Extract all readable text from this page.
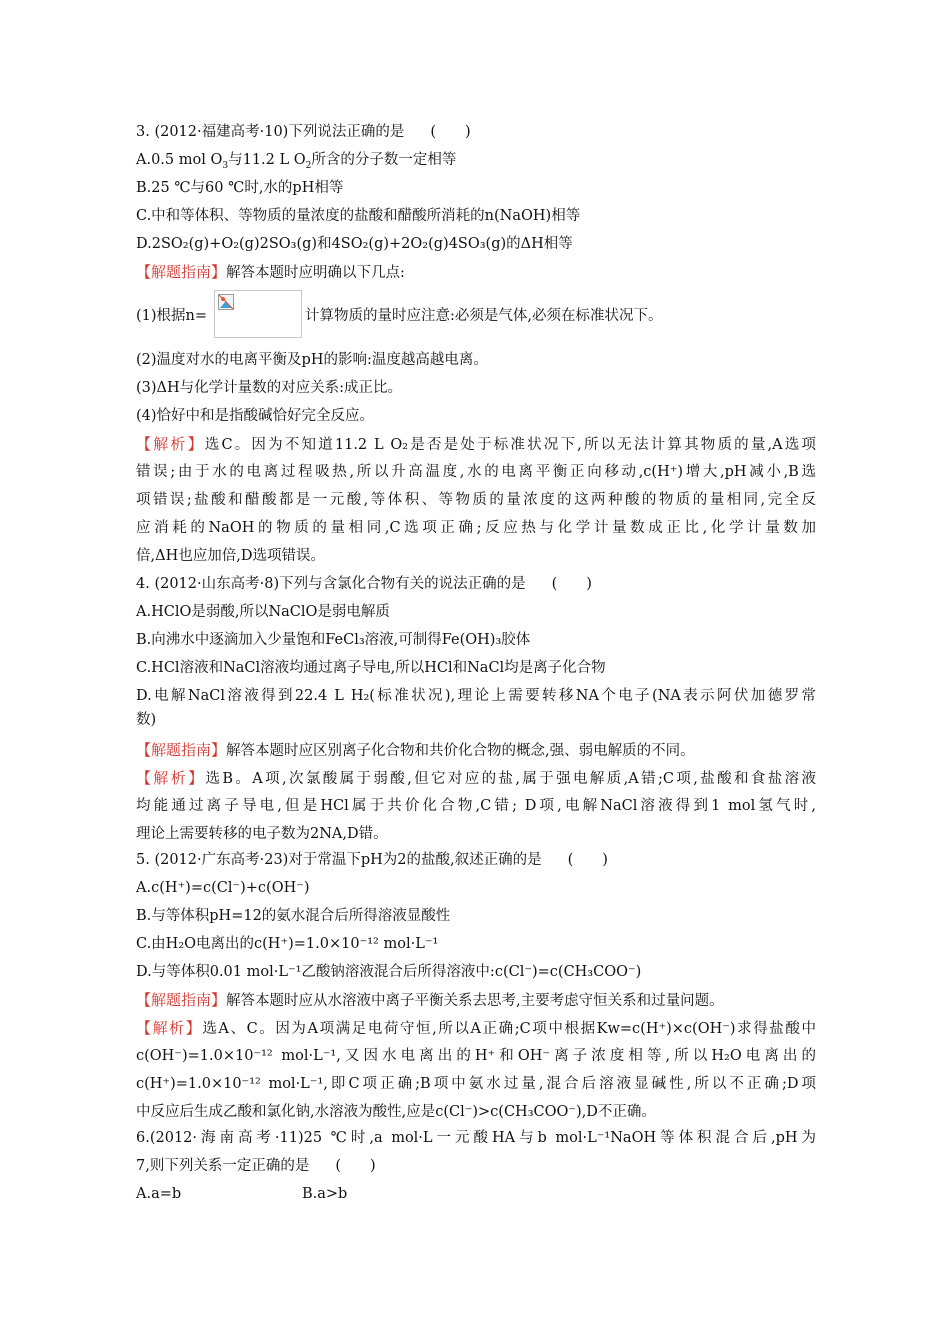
3. (2012·福建高考·10)下列说法正确的是 (　　)
A.0.5 mol $O_3$与11.2 L $O_2$所含的分子数一定相等
B.25 ℃与60 ℃时,水的pH相等
C.中和等体积、等物质的量浓度的盐酸和醋酸所消耗的n(NaOH)相等
D.2SO₂(g)+O₂(g)2SO₃(g)和4SO₂(g)+2O₂(g)4SO₃(g)的ΔH相等
【解题指南】解答本题时应明确以下几点:
(1)根据n=	计算物质的量时应注意:必须是气体,必须在标准状况下。
(2)温度对水的电离平衡及pH的影响:温度越高越电离。
(3)ΔH与化学计量数的对应关系:成正比。
(4)恰好中和是指酸碱恰好完全反应。
【解析】选C。因为不知道11.2 L O₂是否是处于标准状况下,所以无法计算其物质的量,A选项
错误;由于水的电离过程吸热,所以升高温度,水的电离平衡正向移动,c(H⁺)增大,pH减小,B选
项错误;盐酸和醋酸都是一元酸,等体积、等物质的量浓度的这两种酸的物质的量相同,完全反
应消耗的NaOH的物质的量相同,C选项正确;反应热与化学计量数成正比,化学计量数加
倍,ΔH也应加倍,D选项错误。
4. (2012·山东高考·8)下列与含氯化合物有关的说法正确的是 (　　)
A.HClO是弱酸,所以NaClO是弱电解质
B.向沸水中逐滴加入少量饱和FeCl₃溶液,可制得Fe(OH)₃胶体
C.HCl溶液和NaCl溶液均通过离子导电,所以HCl和NaCl均是离子化合物
D.电解NaCl溶液得到22.4 L H₂(标准状况),理论上需要转移NA个电子(NA表示阿伏加德罗常
数)
【解题指南】解答本题时应区别离子化合物和共价化合物的概念,强、弱电解质的不同。
【解析】选B。A项,次氯酸属于弱酸,但它对应的盐,属于强电解质,A错;C项,盐酸和食盐溶液
均能通过离子导电,但是HCl属于共价化合物,C错; D项,电解NaCl溶液得到1 mol氢气时,
理论上需要转移的电子数为2NA,D错。
5. (2012·广东高考·23)对于常温下pH为2的盐酸,叙述正确的是 (　　)
A.c(H⁺)=c(Cl⁻)+c(OH⁻)
B.与等体积pH=12的氨水混合后所得溶液显酸性
C.由H₂O电离出的c(H⁺)=1.0×10⁻¹² mol·L⁻¹
D.与等体积0.01 mol·L⁻¹乙酸钠溶液混合后所得溶液中:c(Cl⁻)=c(CH₃COO⁻)
【解题指南】解答本题时应从水溶液中离子平衡关系去思考,主要考虑守恒关系和过量问题。
【解析】选A、C。因为A项满足电荷守恒,所以A正确;C项中根据Kw=c(H⁺)×c(OH⁻)求得盐酸中
c(OH⁻)=1.0×10⁻¹² mol·L⁻¹,又因水电离出的H⁺和OH⁻离子浓度相等,所以H₂O电离出的
c(H⁺)=1.0×10⁻¹² mol·L⁻¹,即C项正确;B项中氨水过量,混合后溶液显碱性,所以不正确;D项
中反应后生成乙酸和氯化钠,水溶液为酸性,应是c(Cl⁻)>c(CH₃COO⁻),D不正确。
6.(2012·海南高考·11)25 ℃时,a mol·L一元酸HA与b mol·L⁻¹NaOH等体积混合后,pH为
7,则下列关系一定正确的是 (　　)
A.a=b	B.a>b
